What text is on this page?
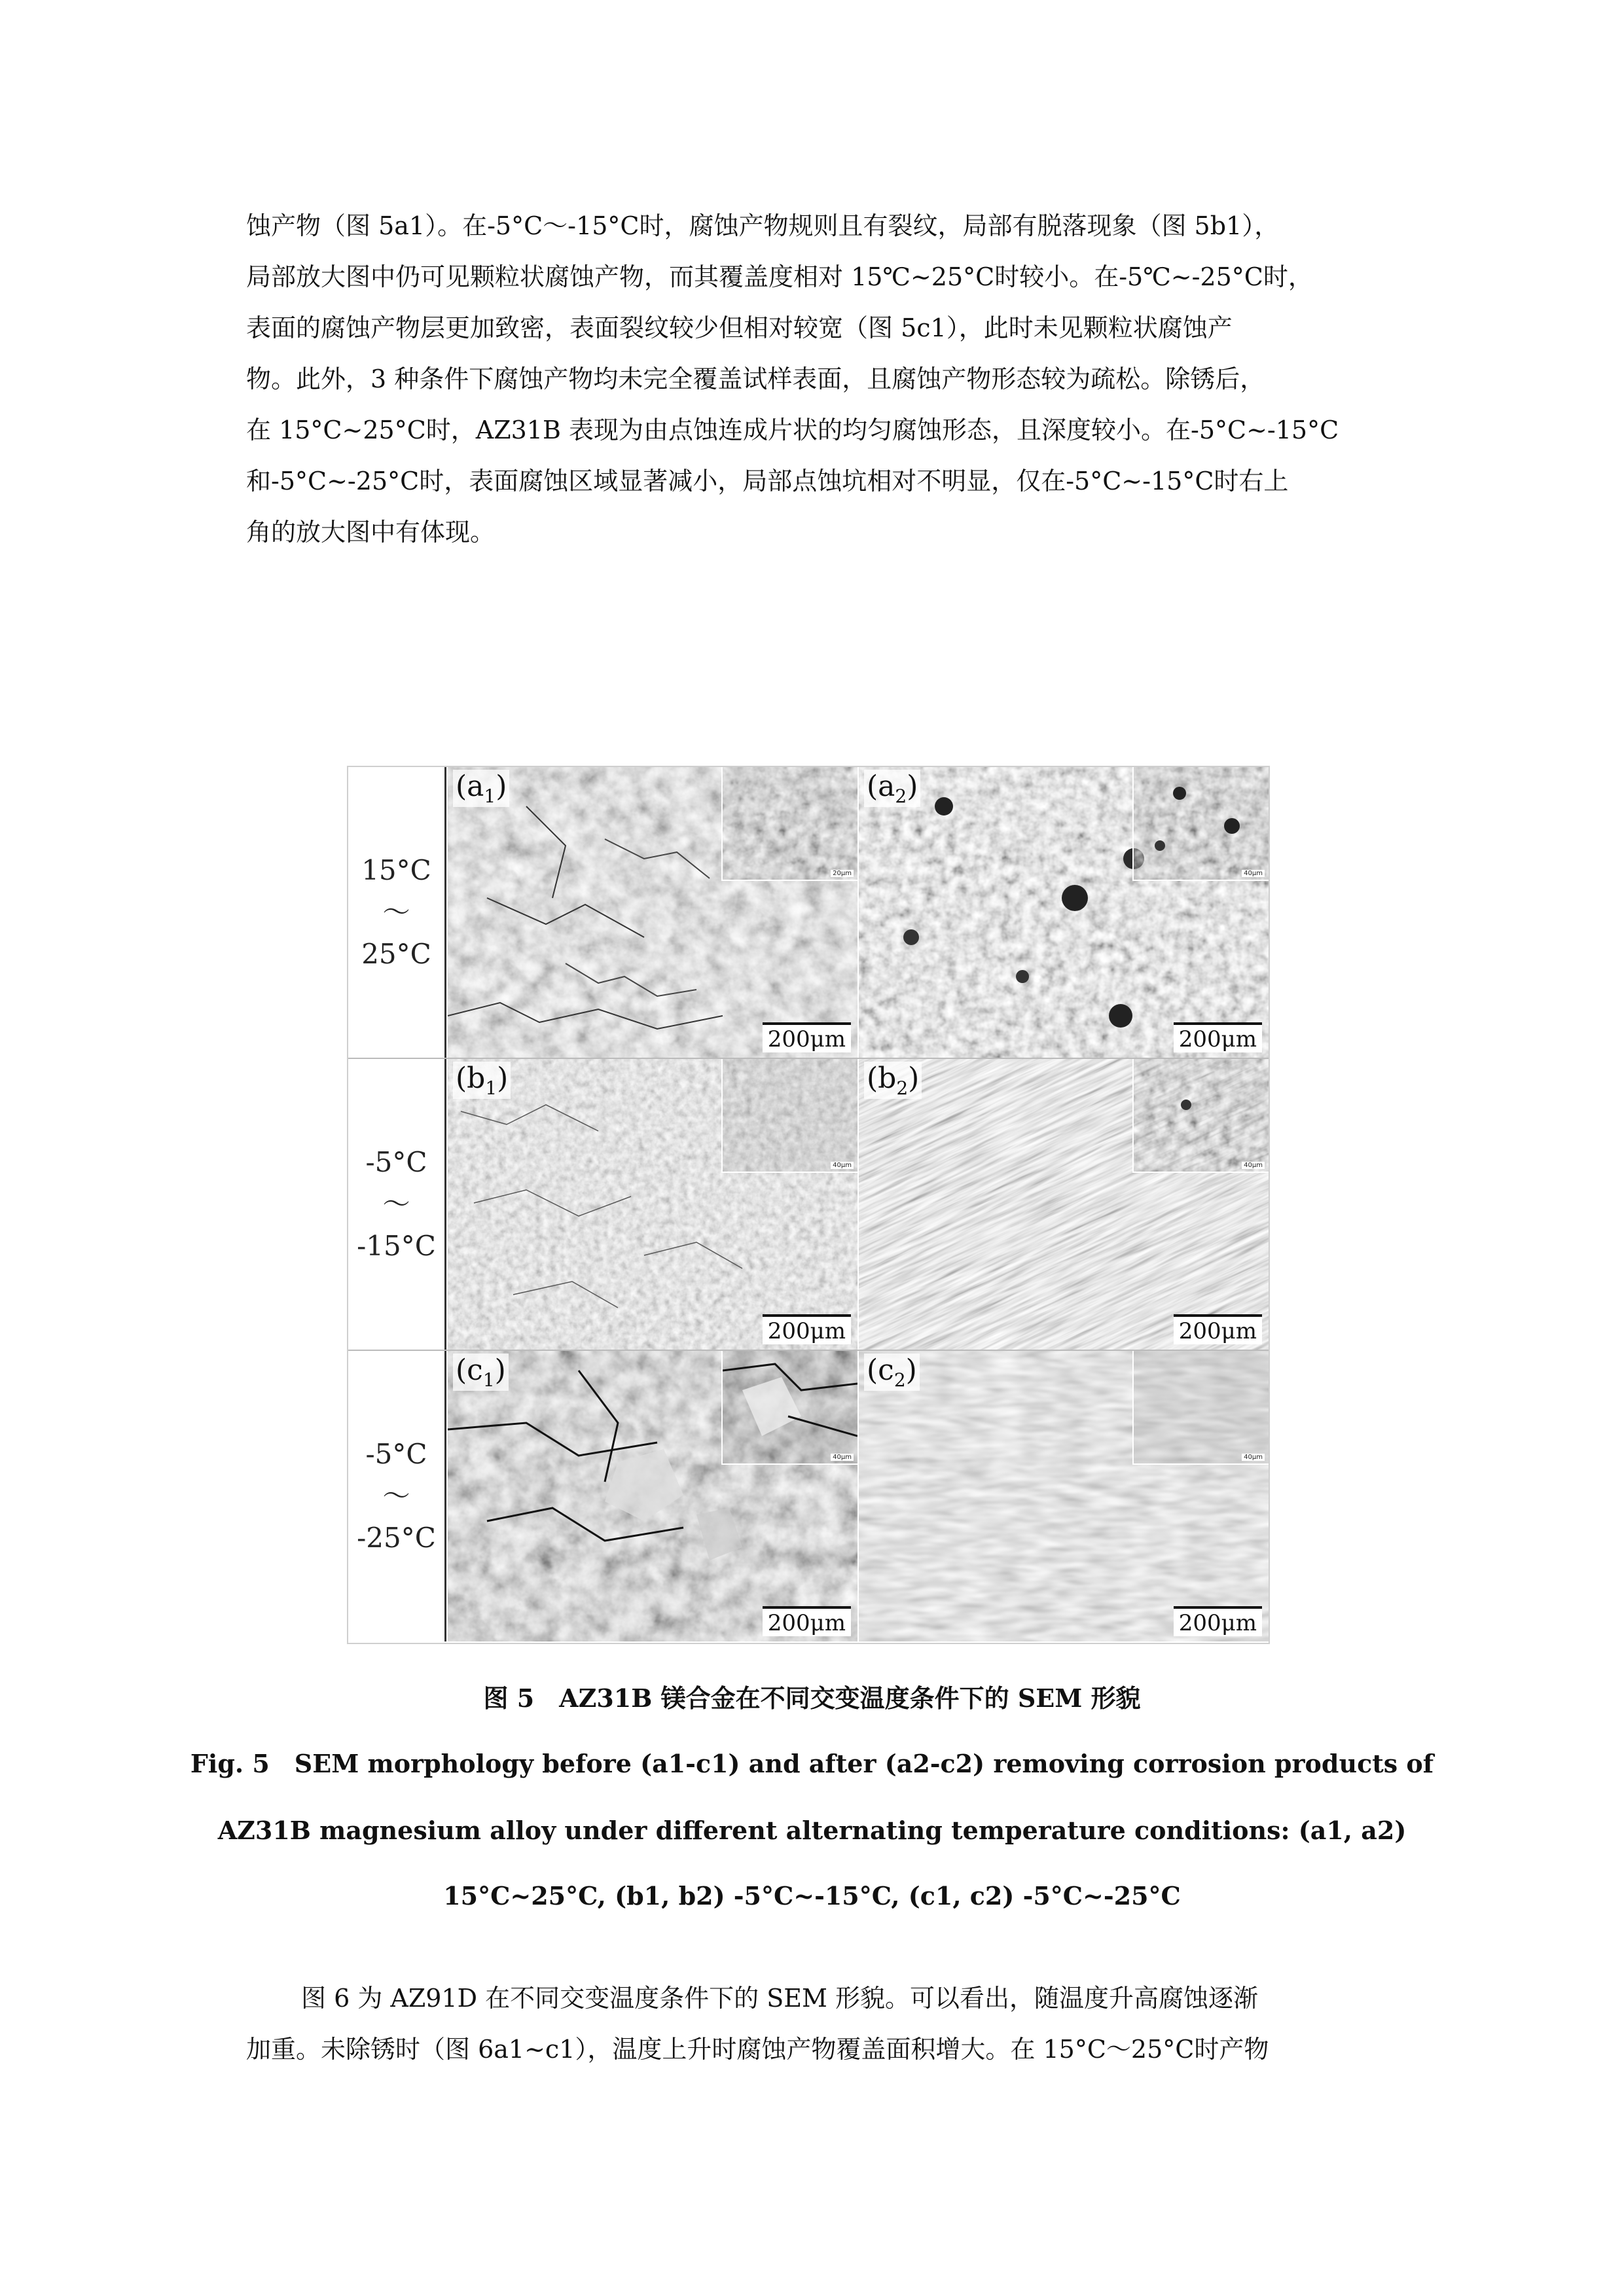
蚀产物（图 5a1）。在-5°C～-15°C时，腐蚀产物规则且有裂纹，局部有脱落现象（图 5b1），
局部放大图中仍可见颗粒状腐蚀产物，而其覆盖度相对 15℃~25°C时较小。在-5℃~-25°C时，
表面的腐蚀产物层更加致密，表面裂纹较少但相对较宽（图 5c1），此时未见颗粒状腐蚀产
物。此外，3 种条件下腐蚀产物均未完全覆盖试样表面，且腐蚀产物形态较为疏松。除锈后，
在 15°C~25°C时，AZ31B 表现为由点蚀连成片状的均匀腐蚀形态，且深度较小。在-5°C~-15°C
和-5°C~-25°C时，表面腐蚀区域显著减小，局部点蚀坑相对不明显，仅在-5°C~-15°C时右上
角的放大图中有体现。
15°C
～
25°C
20μm
$(a_1)$
200μm
40μm
$(a_2)$
200μm
-5°C
～
-15°C
40μm
$(b_1)$
200μm
40μm
$(b_2)$
200μm
-5°C
～
-25°C
40μm
$(c_1)$
200μm
40μm
$(c_2)$
200μm
图 5　AZ31B 镁合金在不同交变温度条件下的 SEM 形貌
Fig. 5　SEM morphology before (a1-c1) and after (a2-c2) removing corrosion products of
AZ31B magnesium alloy under different alternating temperature conditions: (a1, a2)
15°C~25°C, (b1, b2) -5°C~-15°C, (c1, c2) -5°C~-25°C
图 6 为 AZ91D 在不同交变温度条件下的 SEM 形貌。可以看出，随温度升高腐蚀逐渐
加重。未除锈时（图 6a1~c1），温度上升时腐蚀产物覆盖面积增大。在 15°C～25°C时产物
